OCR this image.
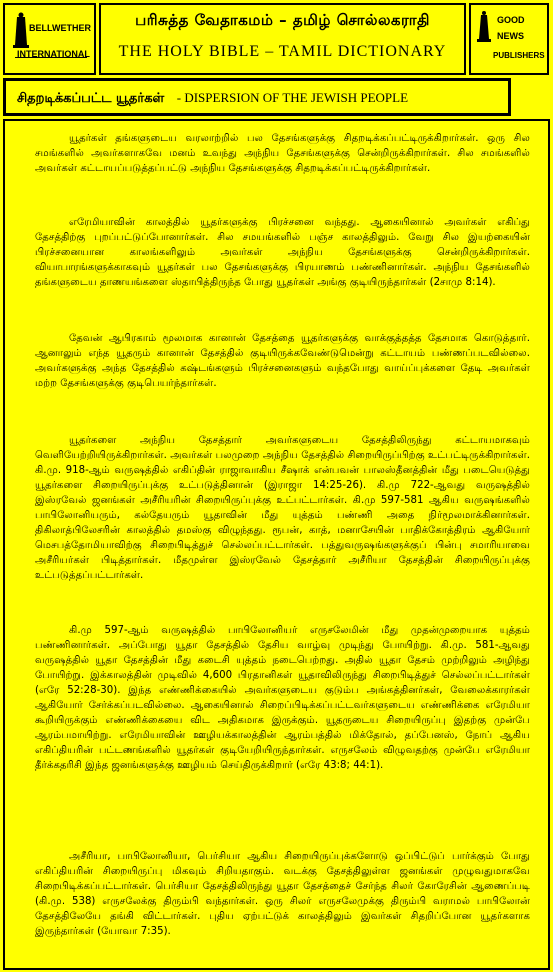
BELLWETHER
INTERNATIONAL
பரிசுத்த வேதாகமம் – தமிழ் சொல்லகராதி
THE HOLY BIBLE – TAMIL DICTIONARY
GOOD
NEWS
PUBLISHERS
சிதறடிக்கப்பட்ட யூதர்கள் - DISPERSION OF THE JEWISH PEOPLE

யூதர்கள் தங்களுடைய வரலாற்றில் பல தேசங்களுக்கு சிதறடிக்கப்பட்டிருக்கிறார்கள். ஒரு சில சமங்களில் அவர்களாகவே மனம் உவந்து அந்நிய தேசங்களுக்கு சென்றிருக்கிறார்கள். சில சமங்களில் அவர்கள் கட்டாயப்படுத்தப்பட்டு அந்நிய தேசங்களுக்கு சிதறடிக்கப்பட்டிருக்கிறார்கள்.

எரேமியாவின் காலத்தில் யூதர்களுக்கு பிரச்சனை வந்தது. ஆகையினால் அவர்கள் எகிப்து தேசத்திற்கு புறப்பட்டுப்போனார்கள். சில சமயங்களில் பஞ்ச காலத்திலும். வேறு சில இயற்கையின் பிரச்சனையான காலங்களிலும் அவர்கள் அந்நிய தேசங்களுக்கு சென்றிருக்கிறார்கள். வியாபாரங்களுக்காகவும் யூதர்கள் பல தேசங்களுக்கு பிரயாணம் பண்ணினார்கள். அந்நிய தேசங்களில் தங்களுடைய தாணயங்களை ஸ்தாபித்திருந்த போது யூதர்கள் அங்கு குடியிருந்தார்கள் (2சாமு 8:14).

தேவன் ஆபிரகாம் மூலமாக கானான் தேசத்தை யூதர்களுக்கு வாக்குத்தத்த தேசமாக கொடுத்தார். ஆனாலும் எந்த யூதரும் கானான் தேசத்தில் குடியிருக்கவேண்டுமென்று கட்டாயம் பண்ணப்படவில்லை. அவர்களுக்கு அந்த தேசத்தில் கஷ்டங்களும் பிரச்சனைகளும் வந்தபோது வாய்ப்புக்களை தேடி அவர்கள் மற்ற தேசங்களுக்கு குடிபெயர்ந்தார்கள்.

யூதர்களை அந்நிய தேசத்தார் அவர்களுடைய தேசத்திலிருந்து கட்டாயமாகவும் வெளியேற்றியிருக்கிறார்கள். அவர்கள் பலமுறை அந்நிய தேசத்தில் சிறையிருப்பிற்கு உட்பட்டிருக்கிறார்கள். கி.மு. 918-ஆம் வருஷத்தில் எகிப்தின் ராஜாவாகிய சீஷாக் என்பவன் பாலஸ்தீனத்தின் மீது படையெடுத்து யூதர்களை சிறையிருப்புக்கு உட்படுத்தினான் (இராஜா 14:25-26). கி.மு 722-ஆவது வருஷத்தில் இஸ்ரவேல் ஜனங்கள் அசீரியரின் சிறையிருப்புக்கு உட்பட்டார்கள். கி.மு 597-581 ஆகிய வருஷங்களில் பாபிலோனியரும், கல்தேயரும் யூதாவின் மீது யுத்தம் பண்ணி அதை நிர்மூலமாக்கினார்கள். திகிலாத்பிலேசரின் காலத்தில் தமஸ்கு விழுந்தது. ரூபன், காத், மனாசேயின் பாதிக்கோத்திரம் ஆகியோர் மெசபத்தோமியாவிற்கு சிறைபிடித்துச் செல்லப்பட்டார்கள். பத்துவருஷங்களுக்குப் பின்பு சமாரியாவை அசீரியர்கள் பிடித்தார்கள். மீதமுள்ள இஸ்ரவேல் தேசத்தார் அசீரியா தேசத்தின் சிறையிருப்புக்கு உட்படுத்தப்பட்டார்கள்.

கி.மு 597-ஆம் வருஷத்தில் பாபிலோனியர் எருசலேமின் மீது முதன்முறையாக யுத்தம் பண்ணினார்கள். அப்போது யூதா தேசத்தில் தேசிய வாழ்வு முடிந்து போயிற்று. கி.மு. 581-ஆவது வருஷத்தில் யூதா தேசத்தின் மீது கடைசி யுத்தம் நடைபெற்றது. அதில் யூதா தேசம் முற்றிலும் அழிந்து போயிற்று. இக்காலத்தின் முடிவில் 4,600 பிரதானிகள் யூதாவிலிருந்து சிறைபிடித்துச் செல்லப்பட்டார்கள் (எரே 52:28-30). இந்த எண்ணிக்கையில் அவர்களுடைய குடும்ப அங்கத்தினர்கள், வேலைக்காரர்கள் ஆகியோர் சேர்க்கப்படவில்லை. ஆகையினால் சிறைப்பிடிக்கப்பட்டவர்களுடைய எண்ணிக்கை எரேமியா கூறியிருக்கும் எண்ணிக்கையை விட அதிகமாக இருக்கும். யூதருடைய சிறையிருப்பு இதற்கு முன்பே ஆரம்பமாயிற்று. எரேமியாவின் ஊழியக்காலத்தின் ஆரம்பத்தில் மிக்தோல், தப்பேனஸ், நோப் ஆகிய எகிப்தியரின் பட்டணங்களில் யூதர்கள் குடியேறியிருந்தார்கள். எருசலேம் விழுவதற்கு முன்பே எரேமியா தீர்க்கதரிசி இந்த ஜனங்களுக்கு ஊழியம் செய்திருக்கிறார் (எரே 43:8; 44:1).

அசீரியா, பாபிலோனியா, பெர்சியா ஆகிய சிறையிருப்புக்களோடு ஒப்பிட்டுப் பார்க்கும் போது எகிப்தியரின் சிறையிருப்பு மிகவும் சிறியதாகும். வடக்கு தேசத்திலுள்ள ஜனங்கள் முழுவதுமாகவே சிறைபிடிக்கப்பட்டார்கள். பெர்சியா தேசத்திலிருந்து யூதா தேசத்தைச் சேர்ந்த சிலர் கோரேசின் ஆணைப்படி (கி.மு. 538) எருசலேக்கு திரும்பி வந்தார்கள். ஒரு சிலர் எருசலேமுக்கு திரும்பி வராமல் பாபிலோன் தேசத்திலேயே தங்கி விட்டார்கள். புதிய ஏற்பட்டுக் காலத்திலும் இவர்கள் சிதறிப்போன யூதர்களாக இருந்தார்கள் (யோவா 7:35).
